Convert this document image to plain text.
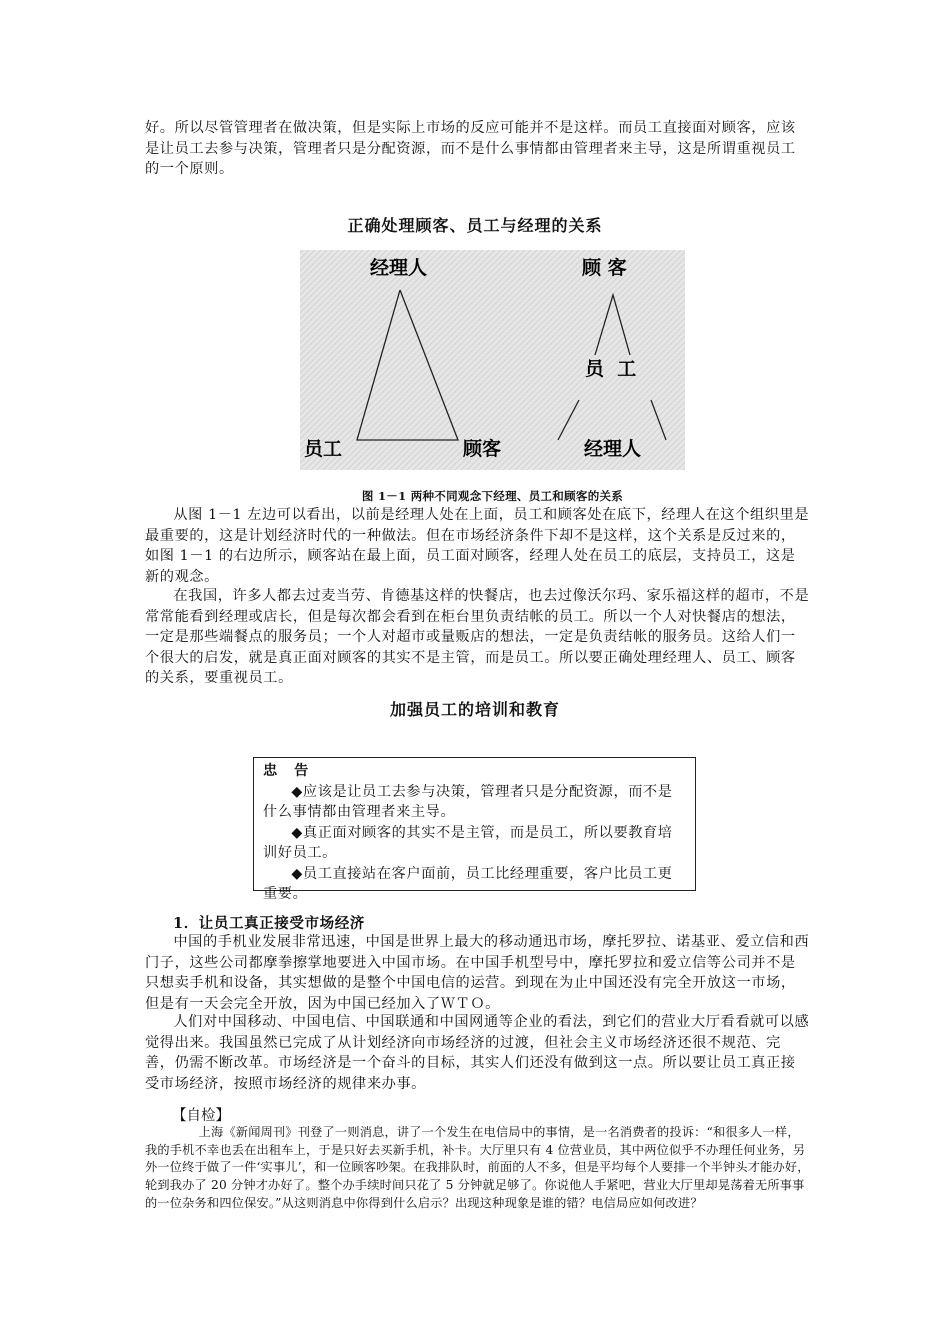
好。所以尽管管理者在做决策，但是实际上市场的反应可能并不是这样。而员工直接面对顾客，应该是让员工去参与决策，管理者只是分配资源，而不是什么事情都由管理者来主导，这是所谓重视员工的一个原则。

正确处理顾客、员工与经理的关系
经理人
员工	顾客
顾 客
员  工
经理人

图 1－1 两种不同观念下经理、员工和顾客的关系

从图 1－1 左边可以看出，以前是经理人处在上面，员工和顾客处在底下，经理人在这个组织里是最重要的，这是计划经济时代的一种做法。但在市场经济条件下却不是这样，这个关系是反过来的，如图 1－1 的右边所示，顾客站在最上面，员工面对顾客，经理人处在员工的底层，支持员工，这是新的观念。

在我国，许多人都去过麦当劳、肯德基这样的快餐店，也去过像沃尔玛、家乐福这样的超市，不是常常能看到经理或店长，但是每次都会看到在柜台里负责结帐的员工。所以一个人对快餐店的想法，一定是那些端餐点的服务员；一个人对超市或量贩店的想法，一定是负责结帐的服务员。这给人们一个很大的启发，就是真正面对顾客的其实不是主管，而是员工。所以要正确处理经理人、员工、顾客的关系，要重视员工。

加强员工的培训和教育

忠 告

◆应该是让员工去参与决策，管理者只是分配资源，而不是什么事情都由管理者来主导。

◆真正面对顾客的其实不是主管，而是员工，所以要教育培训好员工。

◆员工直接站在客户面前，员工比经理重要，客户比员工更重要。

1．让员工真正接受市场经济

中国的手机业发展非常迅速，中国是世界上最大的移动通迅市场，摩托罗拉、诺基亚、爱立信和西门子，这些公司都摩拳擦掌地要进入中国市场。在中国手机型号中，摩托罗拉和爱立信等公司并不是只想卖手机和设备，其实想做的是整个中国电信的运营。到现在为止中国还没有完全开放这一市场，但是有一天会完全开放，因为中国已经加入了ＷＴＯ。

人们对中国移动、中国电信、中国联通和中国网通等企业的看法，到它们的营业大厅看看就可以感觉得出来。我国虽然已完成了从计划经济向市场经济的过渡，但社会主义市场经济还很不规范、完善，仍需不断改革。市场经济是一个奋斗的目标，其实人们还没有做到这一点。所以要让员工真正接受市场经济，按照市场经济的规律来办事。

【自检】

上海《新闻周刊》刊登了一则消息，讲了一个发生在电信局中的事情，是一名消费者的投诉：“和很多人一样，我的手机不幸也丢在出租车上，于是只好去买新手机，补卡。大厅里只有 4 位营业员，其中两位似乎不办理任何业务，另外一位终于做了一件‘实事儿’，和一位顾客吵架。在我排队时，前面的人不多，但是平均每个人要排一个半钟头才能办好，轮到我办了 20 分钟才办好了。整个办手续时间只花了 5 分钟就足够了。你说他人手紧吧，营业大厅里却晃荡着无所事事的一位杂务和四位保安。”从这则消息中你得到什么启示？出现这种现象是谁的错？电信局应如何改进？
